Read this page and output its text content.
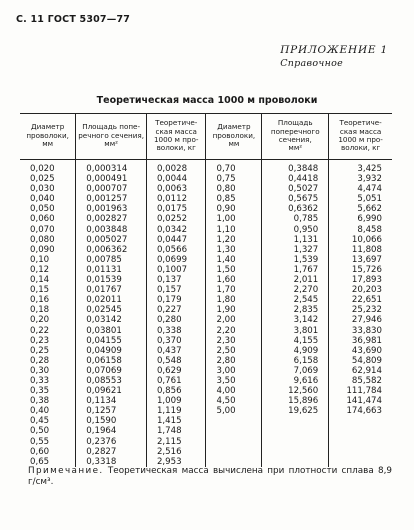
С. 11 ГОСТ 5307—77
ПРИЛОЖЕНИЕ 1
Справочное
Теоретическая масса 1000 м проволоки
Диаметр
проволоки,
мм	Площадь попе-
речного сечения,
мм²	Теоретиче-
ская масса
1000 м про-
волоки, кг	Диаметр
проволоки,
мм	Площадь
поперечного
сечения,
мм²	Теоретиче-
ская масса
1000 м про-
волоки, кг
0,020	0,000314	0,0028	0,70	0,3848	3,425
0,025	0,000491	0,0044	0,75	0,4418	3,932
0,030	0,000707	0,0063	0,80	0,5027	4,474
0,040	0,001257	0,0112	0,85	0,5675	5,051
0,050	0,001963	0,0175	0,90	0,6362	5,662
0,060	0,002827	0,0252	1,00	0,785	6,990
0,070	0,003848	0,0342	1,10	0,950	8,458
0,080	0,005027	0,0447	1,20	1,131	10,066
0,090	0,006362	0,0566	1,30	1,327	11,808
0,10	0,00785	0,0699	1,40	1,539	13,697
0,12	0,01131	0,1007	1,50	1,767	15,726
0,14	0,01539	0,137	1,60	2,011	17,893
0,15	0,01767	0,157	1,70	2,270	20,203
0,16	0,02011	0,179	1,80	2,545	22,651
0,18	0,02545	0,227	1,90	2,835	25,232
0,20	0,03142	0,280	2,00	3,142	27,946
0,22	0,03801	0,338	2,20	3,801	33,830
0,23	0,04155	0,370	2,30	4,155	36,981
0,25	0,04909	0,437	2,50	4,909	43,690
0,28	0,06158	0,548	2,80	6,158	54,809
0,30	0,07069	0,629	3,00	7,069	62,914
0,33	0,08553	0,761	3,50	9,616	85,582
0,35	0,09621	0,856	4,00	12,560	111,784
0,38	0,1134	1,009	4,50	15,896	141,474
0,40	0,1257	1,119	5,00	19,625	174,663
0,45	0,1590	1,415			
0,50	0,1964	1,748			
0,55	0,2376	2,115			
0,60	0,2827	2,516			
0,65	0,3318	2,953			
Примечание. Теоретическая масса вычислена при плотности сплава 8,9 г/см³.
